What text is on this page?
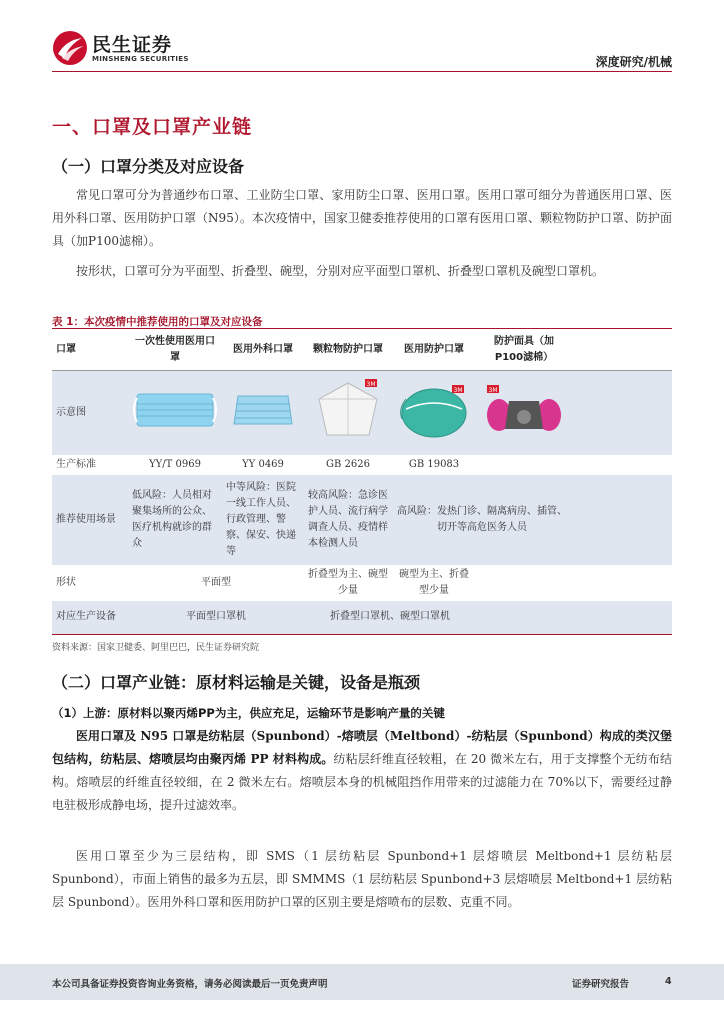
民生证券
MINSHENG SECURITIES	深度研究/机械
一、口罩及口罩产业链
（一）口罩分类及对应设备

常见口罩可分为普通纱布口罩、工业防尘口罩、家用防尘口罩、医用口罩。医用口罩可细分为普通医用口罩、医用外科口罩、医用防护口罩（N95）。本次疫情中，国家卫健委推荐使用的口罩有医用口罩、颗粒物防护口罩、防护面具（加P100滤棉）。

按形状，口罩可分为平面型、折叠型、碗型，分别对应平面型口罩机、折叠型口罩机及碗型口罩机。

表 1：本次疫情中推荐使用的口罩及对应设备
口罩	一次性使用医用口罩	医用外科口罩	颗粒物防护口罩	医用防护口罩	防护面具（加P100滤棉）	
示意图			3M	3M	3M	

生产标准	YY/T 0969	YY 0469	GB 2626	GB 19083		
推荐使用场景	低风险：人员相对聚集场所的公众、医疗机构就诊的群众	中等风险：医院一线工作人员、行政管理、警察、保安、快递等	较高风险：急诊医护人员、流行病学调查人员、疫情样本检测人员	高风险：发热门诊、隔离病房、插管、切开等高危医务人员		
形状	平面型		折叠型为主、碗型少量	碗型为主、折叠型少量		
对应生产设备	平面型口罩机		折叠型口罩机、碗型口罩机			
资料来源：国家卫健委、阿里巴巴，民生证券研究院
（二）口罩产业链：原材料运输是关键，设备是瓶颈
（1）上游：原材料以聚丙烯PP为主，供应充足，运输环节是影响产量的关键

医用口罩及 N95 口罩是纺粘层（Spunbond）-熔喷层（Meltbond）-纺粘层（Spunbond）构成的类汉堡包结构，纺粘层、熔喷层均由聚丙烯 PP 材料构成。纺粘层纤维直径较粗，在 20 微米左右，用于支撑整个无纺布结构。熔喷层的纤维直径较细，在 2 微米左右。熔喷层本身的机械阻挡作用带来的过滤能力在 70%以下，需要经过静电驻极形成静电场，提升过滤效率。

医用口罩至少为三层结构，即 SMS（1 层纺粘层 Spunbond+1 层熔喷层 Meltbond+1 层纺粘层 Spunbond），市面上销售的最多为五层，即 SMMMS（1 层纺粘层 Spunbond+3 层熔喷层 Meltbond+1 层纺粘层 Spunbond）。医用外科口罩和医用防护口罩的区别主要是熔喷布的层数、克重不同。

本公司具备证券投资咨询业务资格，请务必阅读最后一页免责声明	证券研究报告	4
